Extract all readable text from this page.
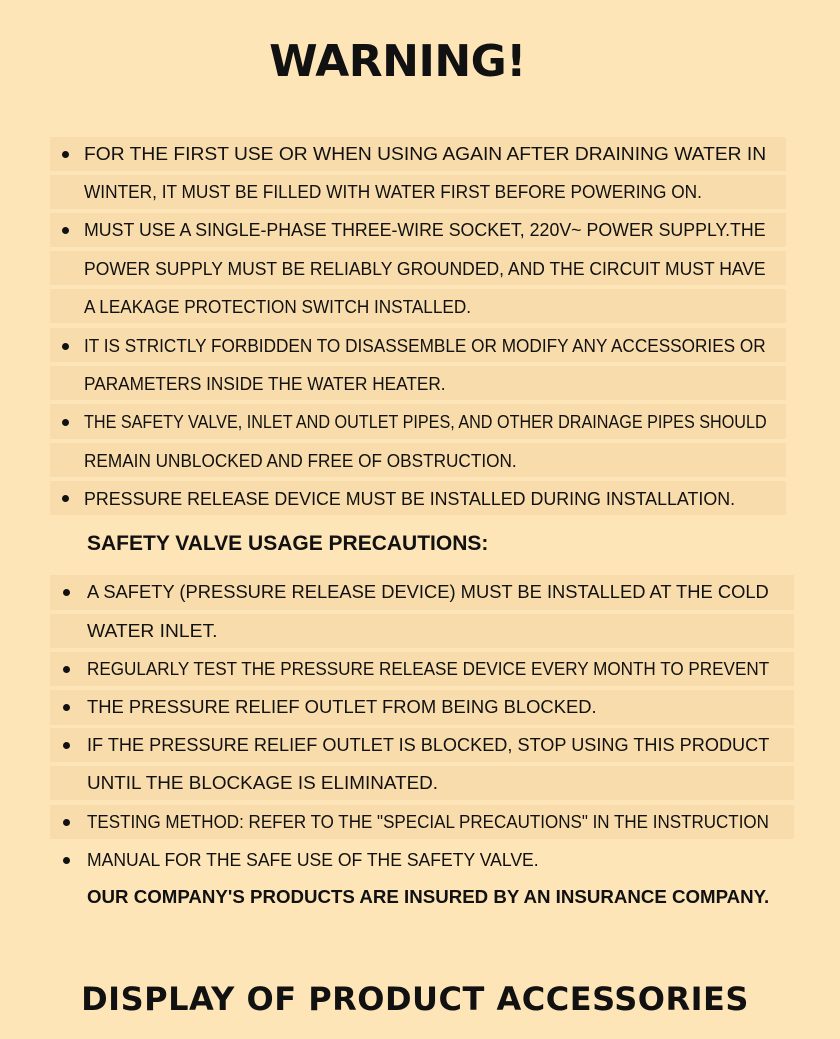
WARNING!
FOR THE FIRST USE OR WHEN USING AGAIN AFTER DRAINING WATER IN
WINTER, IT MUST BE FILLED WITH WATER FIRST BEFORE POWERING ON.
MUST USE A SINGLE-PHASE THREE-WIRE SOCKET, 220V~ POWER SUPPLY.THE
POWER SUPPLY MUST BE RELIABLY GROUNDED, AND THE CIRCUIT MUST HAVE
A LEAKAGE PROTECTION SWITCH INSTALLED.
IT IS STRICTLY FORBIDDEN TO DISASSEMBLE OR MODIFY ANY ACCESSORIES OR
PARAMETERS INSIDE THE WATER HEATER.
THE SAFETY VALVE, INLET AND OUTLET PIPES, AND OTHER DRAINAGE PIPES SHOULD
REMAIN UNBLOCKED AND FREE OF OBSTRUCTION.
PRESSURE RELEASE DEVICE MUST BE INSTALLED DURING INSTALLATION.
SAFETY VALVE USAGE PRECAUTIONS:
A SAFETY (PRESSURE RELEASE DEVICE) MUST BE INSTALLED AT THE COLD
WATER INLET.
REGULARLY TEST THE PRESSURE RELEASE DEVICE EVERY MONTH TO PREVENT
THE PRESSURE RELIEF OUTLET FROM BEING BLOCKED.
IF THE PRESSURE RELIEF OUTLET IS BLOCKED, STOP USING THIS PRODUCT
UNTIL THE BLOCKAGE IS ELIMINATED.
TESTING METHOD: REFER TO THE "SPECIAL PRECAUTIONS" IN THE INSTRUCTION
MANUAL FOR THE SAFE USE OF THE SAFETY VALVE.
OUR COMPANY'S PRODUCTS ARE INSURED BY AN INSURANCE COMPANY.
DISPLAY OF PRODUCT ACCESSORIES
